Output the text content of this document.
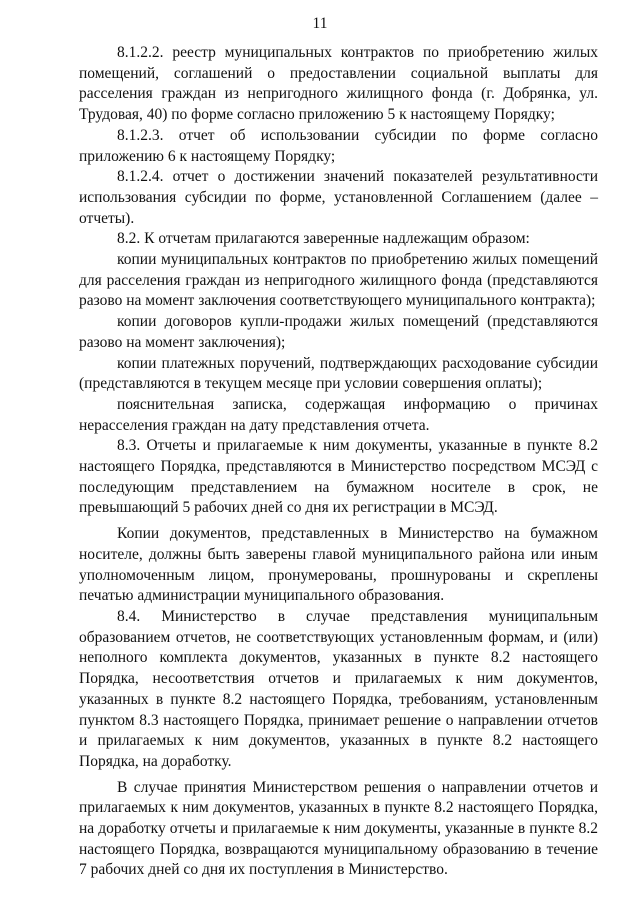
11

8.1.2.2. реестр муниципальных контрактов по приобретению жилых помещений, соглашений о предоставлении социальной выплаты для расселения граждан из непригодного жилищного фонда (г. Добрянка, ул. Трудовая, 40) по форме согласно приложению 5 к настоящему Порядку;

8.1.2.3. отчет об использовании субсидии по форме согласно приложению 6 к настоящему Порядку;

8.1.2.4. отчет о достижении значений показателей результативности использования субсидии по форме, установленной Соглашением (далее – отчеты).

8.2. К отчетам прилагаются заверенные надлежащим образом:

копии муниципальных контрактов по приобретению жилых помещений для расселения граждан из непригодного жилищного фонда (представляются разово на момент заключения соответствующего муниципального контракта);

копии договоров купли-продажи жилых помещений (представляются разово на момент заключения);

копии платежных поручений, подтверждающих расходование субсидии (представляются в текущем месяце при условии совершения оплаты);

пояснительная записка, содержащая информацию о причинах нерасселения граждан на дату представления отчета.

8.3. Отчеты и прилагаемые к ним документы, указанные в пункте 8.2 настоящего Порядка, представляются в Министерство посредством МСЭД с последующим представлением на бумажном носителе в срок, не превышающий 5 рабочих дней со дня их регистрации в МСЭД.

Копии документов, представленных в Министерство на бумажном носителе, должны быть заверены главой муниципального района или иным уполномоченным лицом, пронумерованы, прошнурованы и скреплены печатью администрации муниципального образования.

8.4. Министерство в случае представления муниципальным образованием отчетов, не соответствующих установленным формам, и (или) неполного комплекта документов, указанных в пункте 8.2 настоящего Порядка, несоответствия отчетов и прилагаемых к ним документов, указанных в пункте 8.2 настоящего Порядка, требованиям, установленным пунктом 8.3 настоящего Порядка, принимает решение о направлении отчетов и прилагаемых к ним документов, указанных в пункте 8.2 настоящего Порядка, на доработку.

В случае принятия Министерством решения о направлении отчетов и прилагаемых к ним документов, указанных в пункте 8.2 настоящего Порядка, на доработку отчеты и прилагаемые к ним документы, указанные в пункте 8.2 настоящего Порядка, возвращаются муниципальному образованию в течение 7 рабочих дней со дня их поступления в Министерство.
